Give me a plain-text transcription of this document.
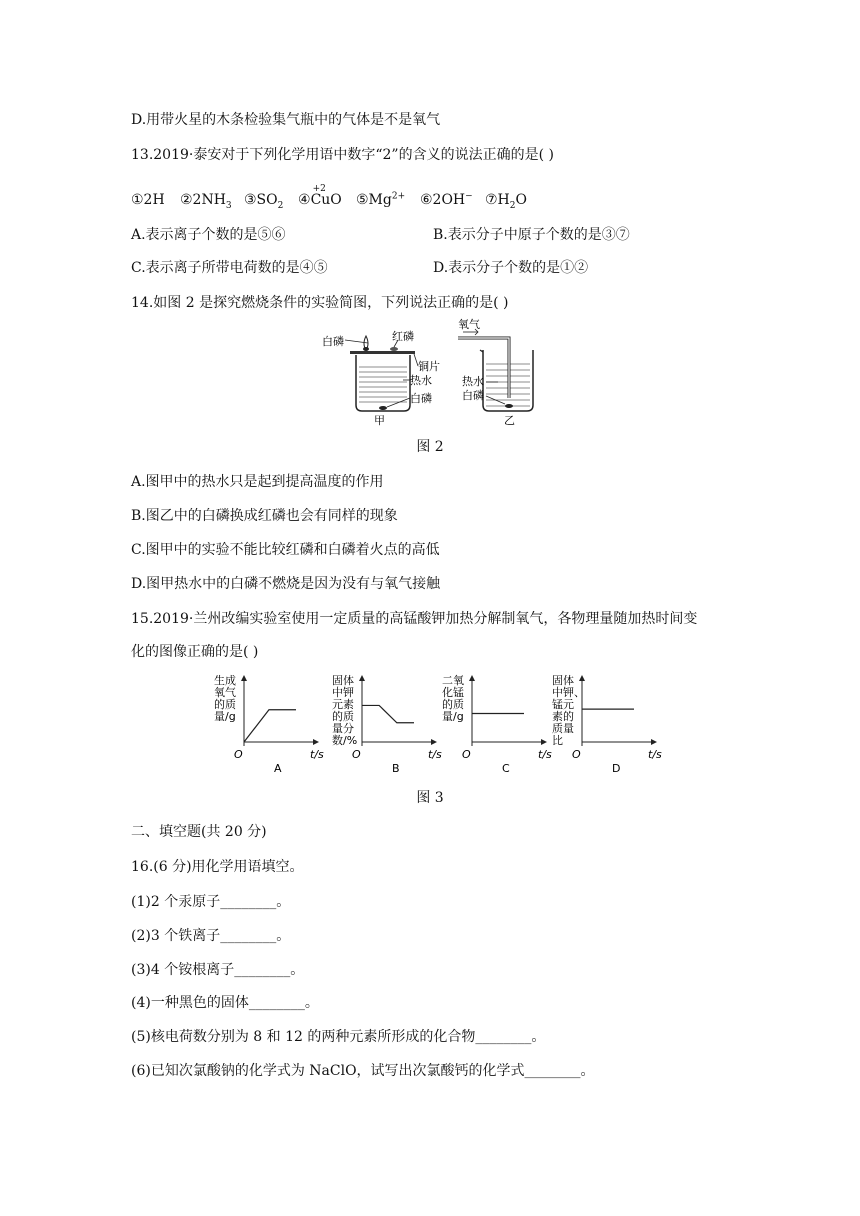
D.用带火星的木条检验集气瓶中的气体是不是氧气
13.2019·泰安对于下列化学用语中数字“2”的含义的说法正确的是( )
①2H $②2NH_3$ $③SO_2$ ④
+2
CuO $⑤Mg^{2+}$ ⑥2OH− $⑦H_2O$
A.表示离子个数的是⑤⑥	B.表示分子中原子个数的是③⑦
C.表示离子所带电荷数的是④⑤	D.表示分子个数的是①②
14.如图 2 是探究燃烧条件的实验简图，下列说法正确的是( )
白磷	红磷
铜片
热水
白磷
甲
氧气
热水
白磷
乙
图 2
A.图甲中的热水只是起到提高温度的作用
B.图乙中的白磷换成红磷也会有同样的现象
C.图甲中的实验不能比较红磷和白磷着火点的高低
D.图甲热水中的白磷不燃烧是因为没有与氧气接触
15.2019·兰州改编实验室使用一定质量的高锰酸钾加热分解制氧气，各物理量随加热时间变
化的图像正确的是( )
生成
氧气
的质
量/g
O	t/s
A
固体
中钾
元素
的质
量分
数/%
O	t/s
B
二氧
化锰
的质
量/g
O	t/s
C
固体
中钾、
锰元
素的
质量
比
O	t/s
D
图 3
二、填空题(共 20 分)
16.(6 分)用化学用语填空。
(1)2 个汞原子________。
(2)3 个铁离子________。
(3)4 个铵根离子________。
(4)一种黑色的固体________。
(5)核电荷数分别为 8 和 12 的两种元素所形成的化合物________。
(6)已知次氯酸钠的化学式为 NaClO，试写出次氯酸钙的化学式________。
